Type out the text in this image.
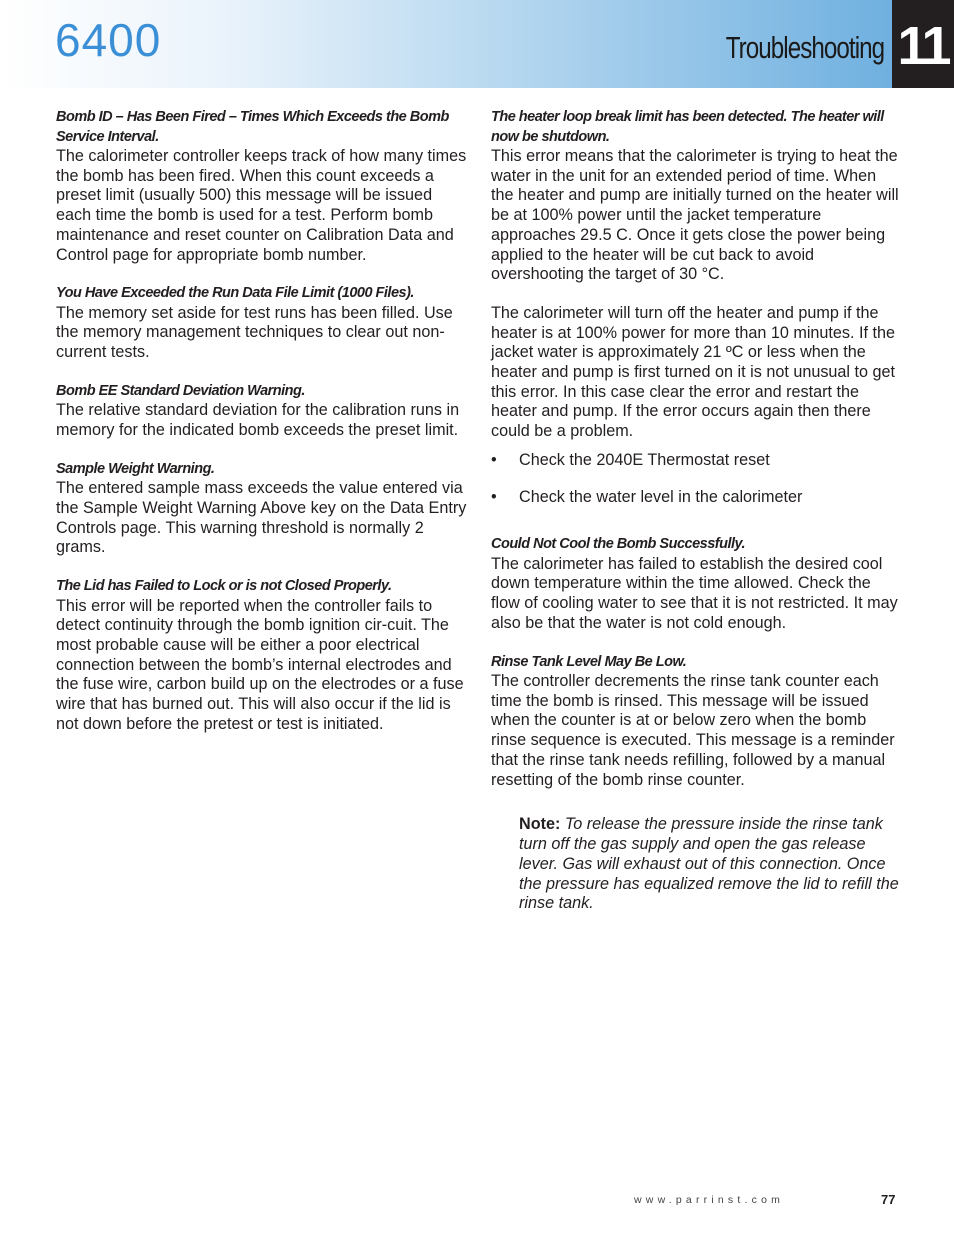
6400	Troubleshooting 11

Bomb ID – Has Been Fired – Times Which Exceeds the Bomb Service Interval.

The calorimeter controller keeps track of how many times the bomb has been fired. When this count exceeds a preset limit (usually 500) this message will be issued each time the bomb is used for a test. Perform bomb maintenance and reset counter on Calibration Data and Control page for appropriate bomb number.

You Have Exceeded the Run Data File Limit (1000 Files).

The memory set aside for test runs has been filled. Use the memory management techniques to clear out non-current tests.

Bomb EE Standard Deviation Warning.

The relative standard deviation for the calibration runs in memory for the indicated bomb exceeds the preset limit.

Sample Weight Warning.

The entered sample mass exceeds the value entered via the Sample Weight Warning Above key on the Data Entry Controls page. This warning threshold is normally 2 grams.

The Lid has Failed to Lock or is not Closed Properly.

This error will be reported when the controller fails to detect continuity through the bomb ignition cir-cuit. The most probable cause will be either a poor electrical connection between the bomb’s internal electrodes and the fuse wire, carbon build up on the electrodes or a fuse wire that has burned out. This will also occur if the lid is not down before the pretest or test is initiated.

The heater loop break limit has been detected. The heater will now be shutdown.

This error means that the calorimeter is trying to heat the water in the unit for an extended period of time. When the heater and pump are initially turned on the heater will be at 100% power until the jacket temperature approaches 29.5 C. Once it gets close the power being applied to the heater will be cut back to avoid overshooting the target of 30 °C.

The calorimeter will turn off the heater and pump if the heater is at 100% power for more than 10 minutes. If the jacket water is approximately 21 ºC or less when the heater and pump is first turned on it is not unusual to get this error. In this case clear the error and restart the heater and pump. If the error occurs again then there could be a problem.

• Check the 2040E Thermostat reset
• Check the water level in the calorimeter

Could Not Cool the Bomb Successfully.

The calorimeter has failed to establish the desired cool down temperature within the time allowed. Check the flow of cooling water to see that it is not restricted. It may also be that the water is not cold enough.

Rinse Tank Level May Be Low.

The controller decrements the rinse tank counter each time the bomb is rinsed. This message will be issued when the counter is at or below zero when the bomb rinse sequence is executed. This message is a reminder that the rinse tank needs refilling, followed by a manual resetting of the bomb rinse counter.

Note: To release the pressure inside the rinse tank turn off the gas supply and open the gas release lever. Gas will exhaust out of this connection. Once the pressure has equalized remove the lid to refill the rinse tank.

www.parrinst.com	77
